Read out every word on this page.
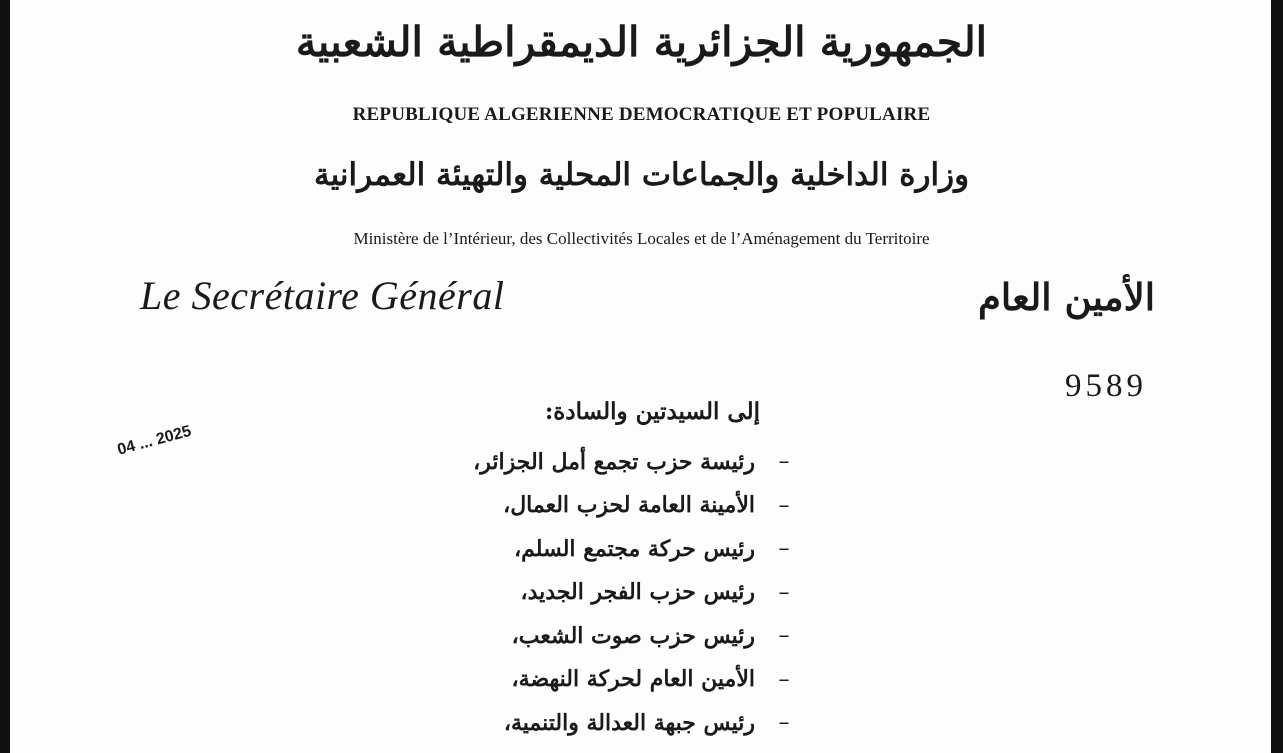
الجمهورية الجزائرية الديمقراطية الشعبية
REPUBLIQUE ALGERIENNE DEMOCRATIQUE ET POPULAIRE
وزارة الداخلية والجماعات المحلية والتهيئة العمرانية
Ministère de l’Intérieur, des Collectivités Locales et de l’Aménagement du Territoire
Le Secrétaire Général	الأمين العام
9589
04 ... 2025
إلى السيدتين والسادة:
–
رئيسة حزب تجمع أمل الجزائر،
–
الأمينة العامة لحزب العمال،
–
رئيس حركة مجتمع السلم،
–
رئيس حزب الفجر الجديد،
–
رئيس حزب صوت الشعب،
–
الأمين العام لحركة النهضة،
–
رئيس جبهة العدالة والتنمية،
